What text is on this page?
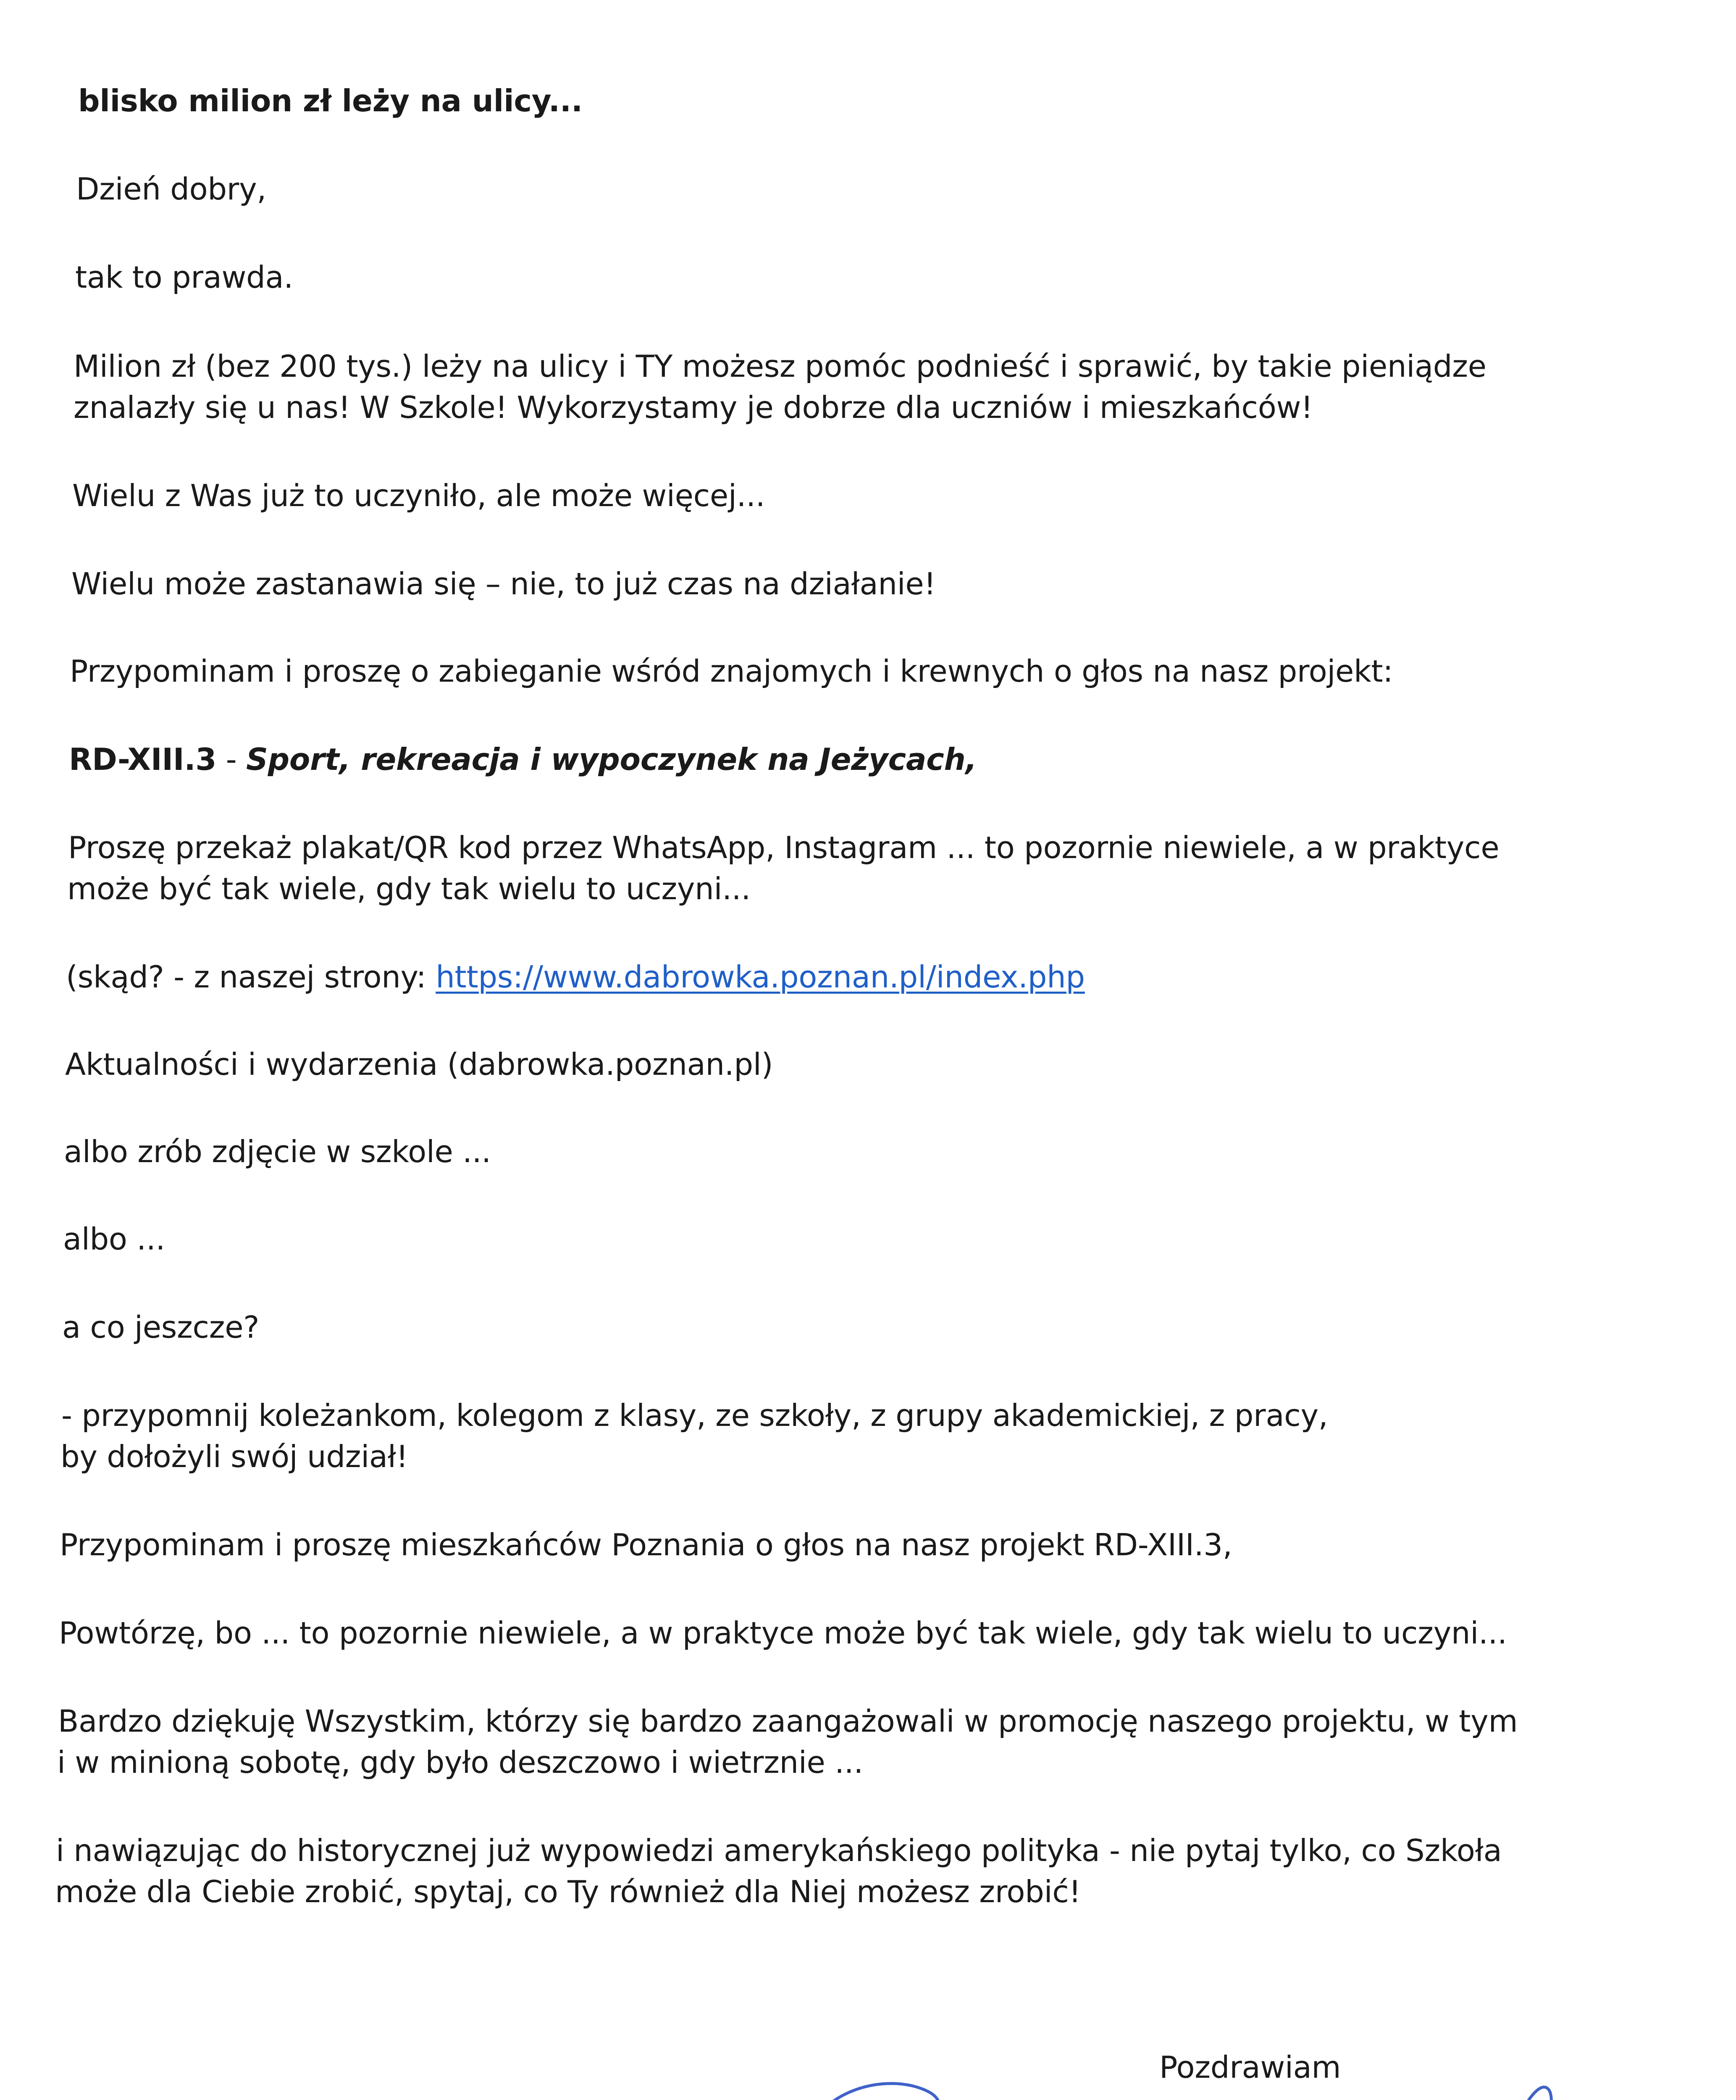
blisko milion zł leży na ulicy...
Dzień dobry,
tak to prawda.
Milion zł (bez 200 tys.) leży na ulicy i TY możesz pomóc podnieść i sprawić, by takie pieniądze
znalazły się u nas! W Szkole! Wykorzystamy je dobrze dla uczniów i mieszkańców!
Wielu z Was już to uczyniło, ale może więcej...
Wielu może zastanawia się – nie, to już czas na działanie!
Przypominam i proszę o zabieganie wśród znajomych i krewnych o głos na nasz projekt:
RD-XIII.3 - Sport, rekreacja i wypoczynek na Jeżycach,
Proszę przekaż plakat/QR kod przez WhatsApp, Instagram ... to pozornie niewiele, a w praktyce
może być tak wiele, gdy tak wielu to uczyni...
(skąd? - z naszej strony: https://www.dabrowka.poznan.pl/index.php
Aktualności i wydarzenia (dabrowka.poznan.pl)
albo zrób zdjęcie w szkole ...
albo ...
a co jeszcze?
- przypomnij koleżankom, kolegom z klasy, ze szkoły, z grupy akademickiej, z pracy,
by dołożyli swój udział!
Przypominam i proszę mieszkańców Poznania o głos na nasz projekt RD-XIII.3,
Powtórzę, bo ... to pozornie niewiele, a w praktyce może być tak wiele, gdy tak wielu to uczyni...
Bardzo dziękuję Wszystkim, którzy się bardzo zaangażowali w promocję naszego projektu, w tym
i w minioną sobotę, gdy było deszczowo i wietrznie ...
i nawiązując do historycznej już wypowiedzi amerykańskiego polityka - nie pytaj tylko, co Szkoła
może dla Ciebie zrobić, spytaj, co Ty również dla Niej możesz zrobić!
Pozdrawiam
